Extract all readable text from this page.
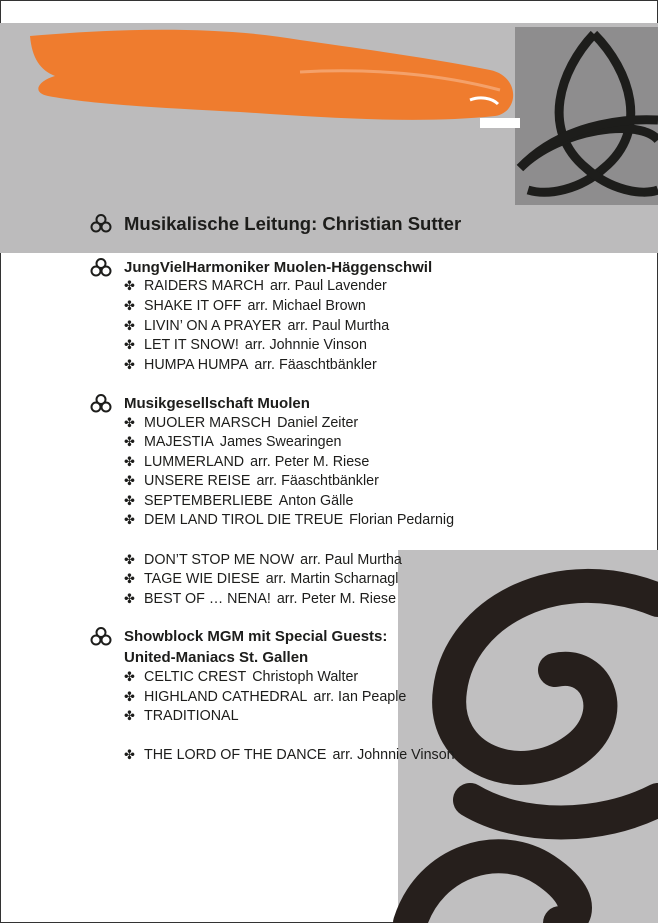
Musikalische Leitung: Christian Sutter
JungVielHarmoniker Muolen-Häggenschwil
✤ RAIDERS MARCH arr. Paul Lavender
✤ SHAKE IT OFF arr. Michael Brown
✤ LIVIN’ ON A PRAYER arr. Paul Murtha
✤ LET IT SNOW! arr. Johnnie Vinson
✤ HUMPA HUMPA arr. Fäaschtbänkler
Musikgesellschaft Muolen
✤ MUOLER MARSCH Daniel Zeiter
✤ MAJESTIA James Swearingen
✤ LUMMERLAND arr. Peter M. Riese
✤ UNSERE REISE arr. Fäaschtbänkler
✤ SEPTEMBERLIEBE Anton Gälle
✤ DEM LAND TIROL DIE TREUE Florian Pedarnig
✤ DON’T STOP ME NOW arr. Paul Murtha
✤ TAGE WIE DIESE arr. Martin Scharnagl
✤ BEST OF … NENA! arr. Peter M. Riese
Showblock MGM mit Special Guests:
United-Maniacs St. Gallen
✤ CELTIC CREST Christoph Walter
✤ HIGHLAND CATHEDRAL arr. Ian Peaple
✤ TRADITIONAL
✤ THE LORD OF THE DANCE arr. Johnnie Vinson
